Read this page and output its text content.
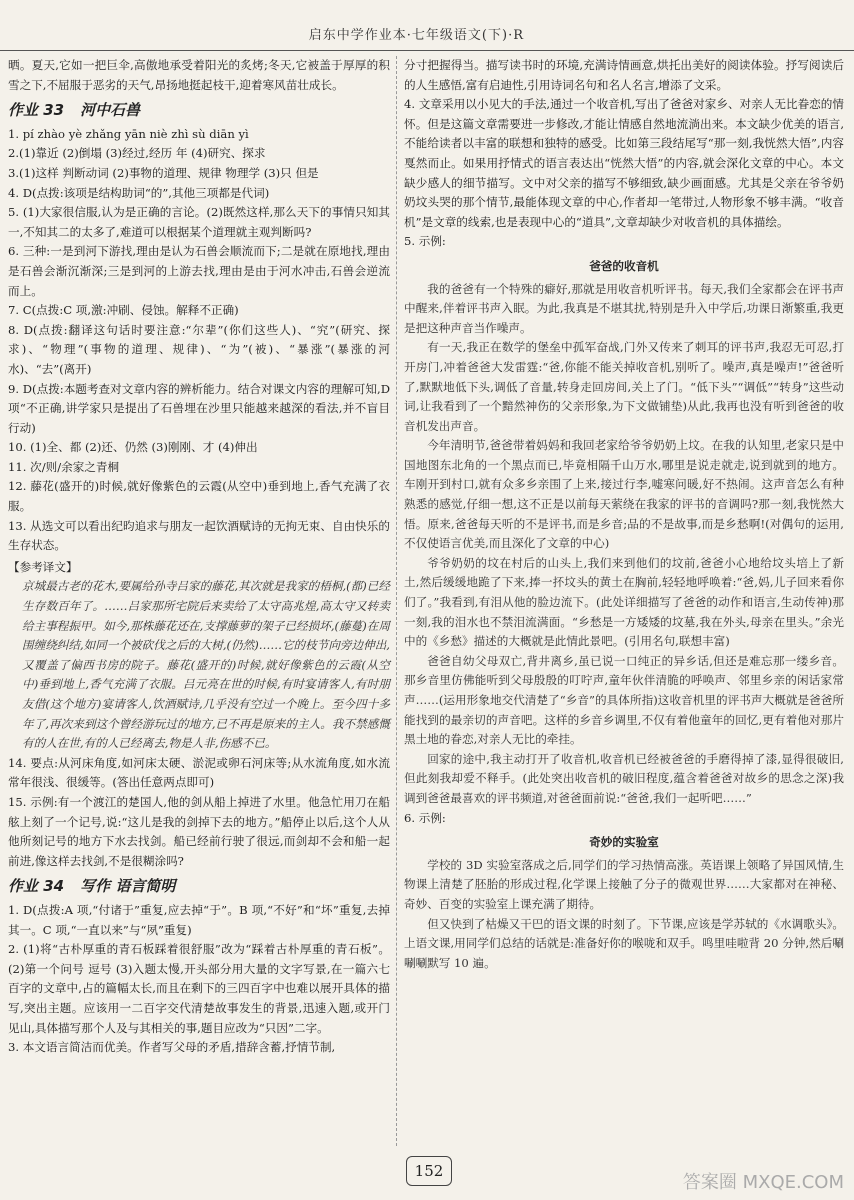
启东中学作业本·七年级语文(下)·R

晒。夏天,它如一把巨伞,高傲地承受着阳光的炙烤;冬天,它被盖于厚厚的积雪之下,不屈服于恶劣的天气,昂扬地挺起枝干,迎着寒风苗壮成长。

作业 33 河中石兽

1. pí zhào yè zhǎng yān niè zhì sù diān yì

2.(1)靠近 (2)倒塌 (3)经过,经历 年 (4)研究、探求

3.(1)这样 判断动词 (2)事物的道理、规律 物理学 (3)只 但是

4. D(点拨:该项是结构助词“的”,其他三项都是代词)

5. (1)大家很信服,认为是正确的言论。(2)既然这样,那么天下的事情只知其一,不知其二的太多了,难道可以根据某个道理就主观判断吗?

6. 三种:一是到河下游找,理由是认为石兽会顺流而下;二是就在原地找,理由是石兽会渐沉渐深;三是到河的上游去找,理由是由于河水冲击,石兽会逆流而上。

7. C(点拨:C 项,激:冲刷、侵蚀。解释不正确)

8. D(点拨:翻译这句话时要注意:“尔辈”(你们这些人)、“究”(研究、探求)、“物理”(事物的道理、规律)、“为”(被)、“暴涨”(暴涨的河水)、“去”(离开)

9. D(点拨:本题考查对文章内容的辨析能力。结合对课文内容的理解可知,D 项“不正确,讲学家只是提出了石兽埋在沙里只能越来越深的看法,并不盲目行动)

10. (1)全、都 (2)还、仍然 (3)刚刚、才 (4)伸出

11. 次/则/余家之青桐

12. 藤花(盛开的)时候,就好像紫色的云霞(从空中)垂到地上,香气充满了衣服。

13. 从选文可以看出纪昀追求与朋友一起饮酒赋诗的无拘无束、自由快乐的生存状态。

【参考译文】

京城最古老的花木,要属给孙寺吕家的藤花,其次就是我家的梧桐,(都)已经生存数百年了。……吕家那所宅院后来卖给了太守高兆煌,高太守又转卖给主事程振甲。如今,那株藤花还在,支撑藤萝的架子已经损坏,(藤蔓)在周围缠绕纠结,如同一个被砍伐之后的大树,(仍然)……它的枝节向旁边伸出,又覆盖了偏西书房的院子。藤花(盛开的)时候,就好像紫色的云霞(从空中)垂到地上,香气充满了衣服。吕元亮在世的时候,有时宴请客人,有时朋友借(这个地方)宴请客人,饮酒赋诗,几乎没有空过一个晚上。至今四十多年了,再次来到这个曾经游玩过的地方,已不再是原来的主人。我不禁感慨有的人在世,有的人已经离去,物是人非,伤感不已。

14. 要点:从河床角度,如河床太硬、淤泥或卵石河床等;从水流角度,如水流常年很浅、很缓等。(答出任意两点即可)

15. 示例:有一个渡江的楚国人,他的剑从船上掉进了水里。他急忙用刀在船舷上刻了一个记号,说:“这儿是我的剑掉下去的地方。”船停止以后,这个人从他所刻记号的地方下水去找剑。船已经前行驶了很远,而剑却不会和船一起前进,像这样去找剑,不是很糊涂吗?

作业 34 写作 语言简明

1. D(点拨:A 项,“付诸于”重复,应去掉“于”。B 项,“不好”和“坏”重复,去掉其一。C 项,“一直以来”与“夙”重复)

2. (1)将“古朴厚重的青石板踩着很舒服”改为“踩着古朴厚重的青石板”。(2)第一个问号 逗号 (3)入题太慢,开头部分用大量的文字写景,在一篇六七百字的文章中,占的篇幅太长,而且在剩下的三四百字中也难以展开具体的描写,突出主题。应该用一二百字交代清楚故事发生的背景,迅速入题,或开门见山,具体描写那个人及与其相关的事,题目应改为“只因”二字。

3. 本文语言简洁而优美。作者写父母的矛盾,措辞含蓄,抒情节制,

分寸把握得当。描写读书时的环境,充满诗情画意,烘托出美好的阅读体验。抒写阅读后的人生感悟,富有启迪性,引用诗词名句和名人名言,增添了文采。

4. 文章采用以小见大的手法,通过一个收音机,写出了爸爸对家乡、对亲人无比眷恋的情怀。但是这篇文章需要进一步修改,才能让情感自然地流淌出来。本文缺少优美的语言,不能给读者以丰富的联想和独特的感受。比如第三段结尾写“那一刻,我恍然大悟”,内容戛然而止。如果用抒情式的语言表达出“恍然大悟”的内容,就会深化文章的中心。本文缺少感人的细节描写。文中对父亲的描写不够细致,缺少画面感。尤其是父亲在爷爷奶奶坟头哭的那个情节,最能体现文章的中心,作者却一笔带过,人物形象不够丰满。“收音机”是文章的线索,也是表现中心的“道具”,文章却缺少对收音机的具体描绘。

5. 示例:

爸爸的收音机

我的爸爸有一个特殊的癖好,那就是用收音机听评书。每天,我们全家都会在评书声中醒来,伴着评书声入眠。为此,我真是不堪其扰,特别是升入中学后,功课日渐繁重,我更是把这种声音当作噪声。

有一天,我正在数学的堡垒中孤军奋战,门外又传来了刺耳的评书声,我忍无可忍,打开房门,冲着爸爸大发雷霆:“爸,你能不能关掉收音机,别听了。噪声,真是噪声!”爸爸听了,默默地低下头,调低了音量,转身走回房间,关上了门。“低下头”“调低”“转身”这些动词,让我看到了一个黯然神伤的父亲形象,为下文做铺垫)从此,我再也没有听到爸爸的收音机发出声音。

今年清明节,爸爸带着妈妈和我回老家给爷爷奶奶上坟。在我的认知里,老家只是中国地图东北角的一个黑点而已,毕竟相隔千山万水,哪里是说走就走,说到就到的地方。车刚开到村口,就有众多乡亲围了上来,接过行李,嘘寒问暖,好不热闹。这声音怎么有种熟悉的感觉,仔细一想,这不正是以前每天萦绕在我家的评书的音调吗?那一刻,我恍然大悟。原来,爸爸每天听的不是评书,而是乡音;品的不是故事,而是乡愁啊!(对偶句的运用,不仅使语言优美,而且深化了文章的中心)

爷爷奶奶的坟在村后的山头上,我们来到他们的坟前,爸爸小心地给坟头培上了新土,然后缓缓地跪了下来,捧一抔坟头的黄土在胸前,轻轻地呼唤着:“爸,妈,儿子回来看你们了。”我看到,有泪从他的脸边流下。(此处详细描写了爸爸的动作和语言,生动传神)那一刻,我的泪水也不禁泪流满面。“乡愁是一方矮矮的坟墓,我在外头,母亲在里头。”余光中的《乡愁》描述的大概就是此情此景吧。(引用名句,联想丰富)

爸爸自幼父母双亡,背井离乡,虽已说一口纯正的异乡话,但还是难忘那一缕乡音。那乡音里仿佛能听到父母殷殷的叮咛声,童年伙伴清脆的呼唤声、邻里乡亲的闲话家常声……(运用形象地交代清楚了“乡音”的具体所指)这收音机里的评书声大概就是爸爸所能找到的最亲切的声音吧。这样的乡音乡调里,不仅有着他童年的回忆,更有着他对那片黑土地的眷恋,对亲人无比的牵挂。

回家的途中,我主动打开了收音机,收音机已经被爸爸的手磨得掉了漆,显得很破旧,但此刻我却爱不释手。(此处突出收音机的破旧程度,蕴含着爸爸对故乡的思念之深)我调到爸爸最喜欢的评书频道,对爸爸面前说:“爸爸,我们一起听吧……”

6. 示例:

奇妙的实验室

学校的 3D 实验室落成之后,同学们的学习热情高涨。英语课上领略了异国风情,生物课上清楚了胚胎的形成过程,化学课上接触了分子的微观世界……大家都对在神秘、奇妙、百变的实验室上课充满了期待。

但又快到了枯燥又干巴的语文课的时刻了。下节课,应该是学苏轼的《水调歌头》。上语文课,用同学们总结的话就是:准备好你的喉咙和双手。鸣里哇啦背 20 分钟,然后唰唰唰默写 10 遍。

152
答案圈 MXQE.COM
